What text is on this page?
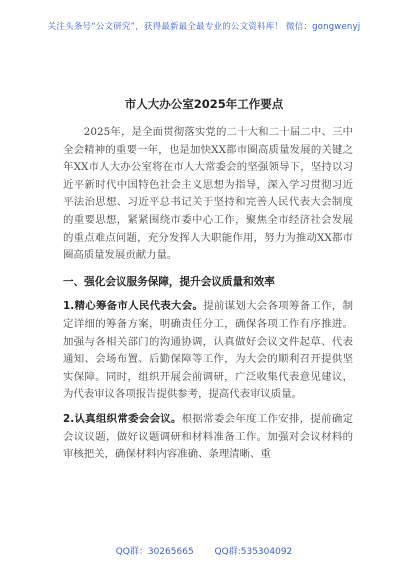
关注头条号“公文研究”，获得最新最全最专业的公文资料库！ 微信：gongwenyj
市人大办公室2025年工作要点

2025年，是全面贯彻落实党的二十大和二十届二中、三中全会精神的重要一年，也是加快XX都市圈高质量发展的关键之年XX市人大办公室将在市人大常委会的坚强领导下，坚持以习近平新时代中国特色社会主义思想为指导，深入学习贯彻习近平法治思想、习近平总书记关于坚持和完善人民代表大会制度的重要思想，紧紧围绕市委中心工作，聚焦全市经济社会发展的重点难点问题，充分发挥人大职能作用，努力为推动XX都市圈高质量发展贡献力量。

一、强化会议服务保障，提升会议质量和效率

1.精心筹备市人民代表大会。提前谋划大会各项筹备工作，制定详细的筹备方案，明确责任分工，确保各项工作有序推进。加强与各相关部门的沟通协调，认真做好会议文件起草、代表通知、会场布置、后勤保障等工作，为大会的顺利召开提供坚实保障。同时，组织开展会前调研，广泛收集代表意见建议，为代表审议各项报告提供参考，提高代表审议质量。

2.认真组织常委会会议。根据常委会年度工作安排，提前确定会议议题，做好议题调研和材料准备工作。加强对会议材料的审核把关，确保材料内容准确、条理清晰、重

QQ群：30265665 QQ群:535304092
